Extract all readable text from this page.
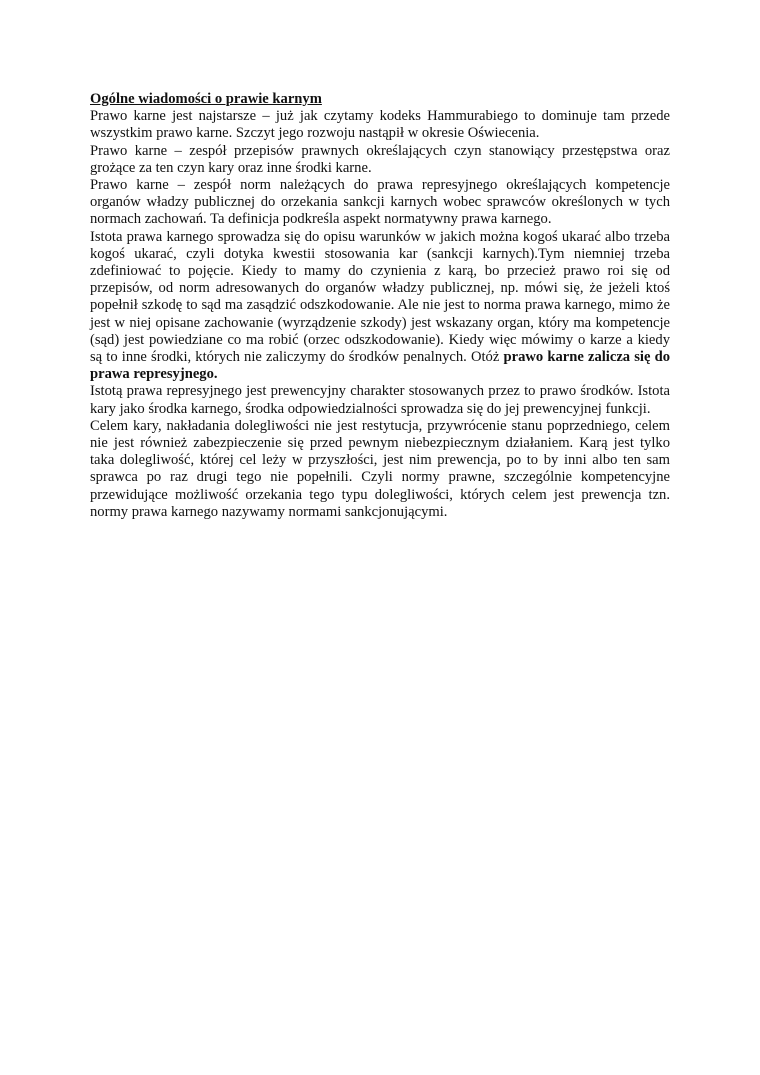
Ogólne wiadomości o prawie karnym

Prawo karne jest najstarsze – już jak czytamy kodeks Hammurabiego to dominuje tam przede wszystkim prawo karne. Szczyt jego rozwoju nastąpił w okresie Oświecenia.

Prawo karne – zespół przepisów prawnych określających czyn stanowiący przestępstwa oraz grożące za ten czyn kary oraz inne środki karne.

Prawo karne – zespół norm należących do prawa represyjnego określających kompetencje organów władzy publicznej do orzekania sankcji karnych wobec sprawców określonych w tych normach zachowań. Ta definicja podkreśla aspekt normatywny prawa karnego.

Istota prawa karnego sprowadza się do opisu warunków w jakich można kogoś ukarać albo trzeba kogoś ukarać, czyli dotyka kwestii stosowania kar (sankcji karnych).Tym niemniej trzeba zdefiniować to pojęcie. Kiedy to mamy do czynienia z karą, bo przecież prawo roi się od przepisów, od norm adresowanych do organów władzy publicznej, np. mówi się, że jeżeli ktoś popełnił szkodę to sąd ma zasądzić odszkodowanie. Ale nie jest to norma prawa karnego, mimo że jest w niej opisane zachowanie (wyrządzenie szkody) jest wskazany organ, który ma kompetencje (sąd) jest powiedziane co ma robić (orzec odszkodowanie). Kiedy więc mówimy o karze a kiedy są to inne środki, których nie zaliczymy do środków penalnych. Otóż prawo karne zalicza się do prawa represyjnego.

Istotą prawa represyjnego jest prewencyjny charakter stosowanych przez to prawo środków. Istota kary jako środka karnego, środka odpowiedzialności sprowadza się do jej prewencyjnej funkcji.

Celem kary, nakładania dolegliwości nie jest restytucja, przywrócenie stanu poprzedniego, celem nie jest również zabezpieczenie się przed pewnym niebezpiecznym działaniem. Karą jest tylko taka dolegliwość, której cel leży w przyszłości, jest nim prewencja, po to by inni albo ten sam sprawca po raz drugi tego nie popełnili. Czyli normy prawne, szczególnie kompetencyjne przewidujące możliwość orzekania tego typu dolegliwości, których celem jest prewencja tzn. normy prawa karnego nazywamy normami sankcjonującymi.
